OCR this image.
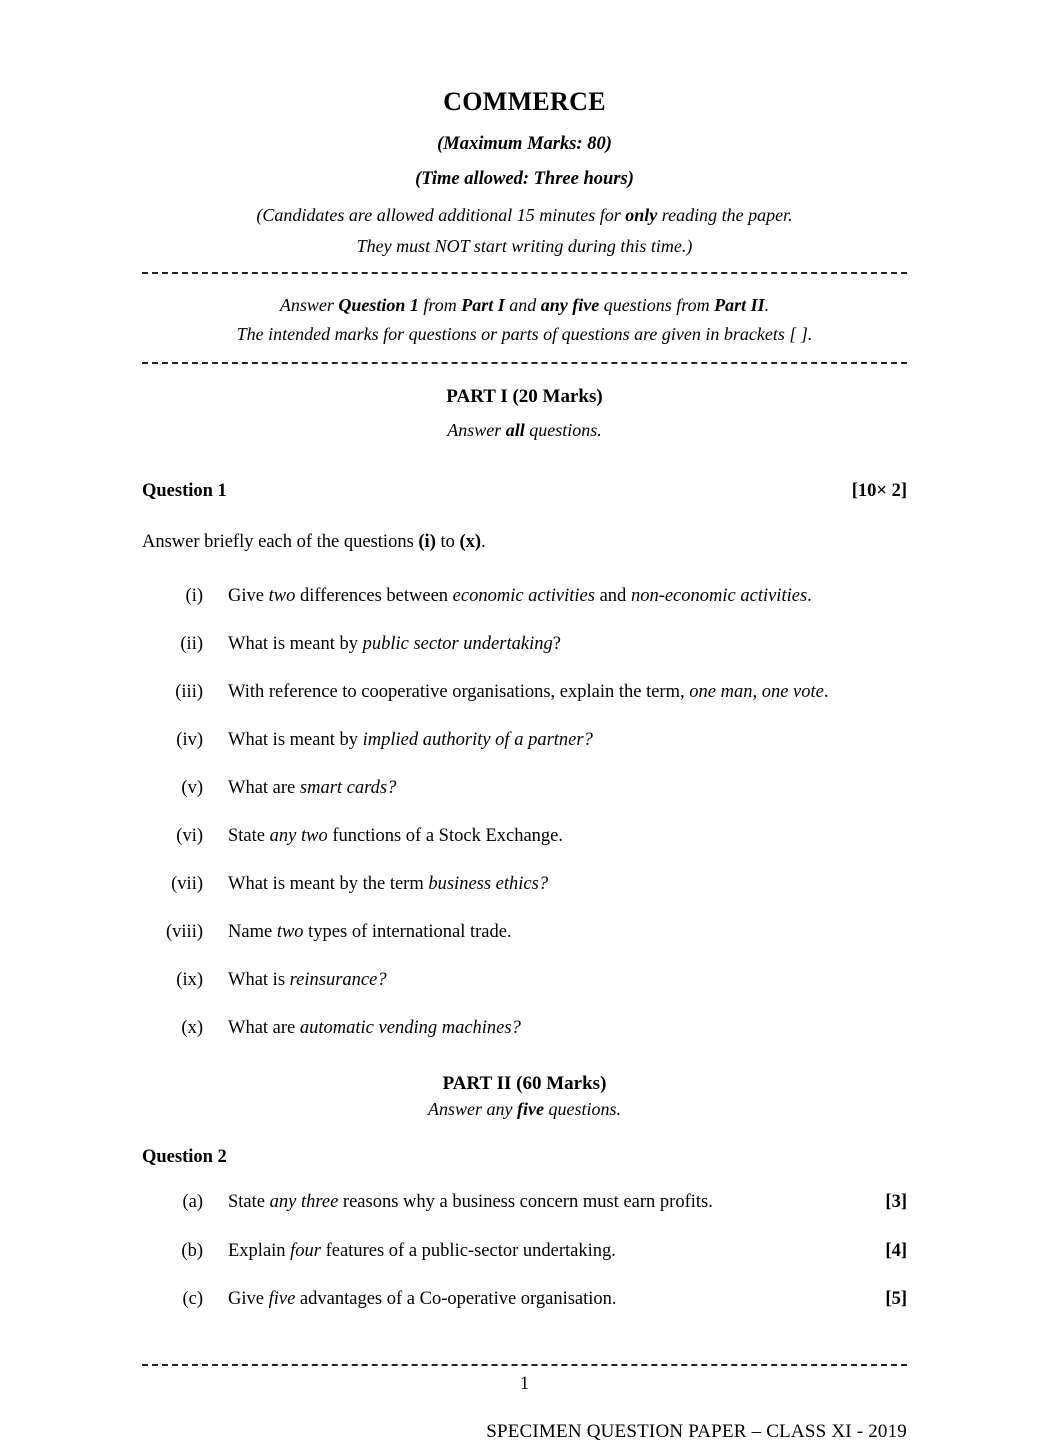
COMMERCE
(Maximum Marks: 80)
(Time allowed: Three hours)
(Candidates are allowed additional 15 minutes for only reading the paper.
They must NOT start writing during this time.)
Answer Question 1 from Part I and any five questions from Part II.
The intended marks for questions or parts of questions are given in brackets [ ].
PART I (20 Marks)
Answer all questions.
Question 1	[10× 2]
Answer briefly each of the questions (i) to (x).
(i)	Give two differences between economic activities and non-economic activities.
(ii)	What is meant by public sector undertaking?
(iii)	With reference to cooperative organisations, explain the term, one man, one vote.
(iv)	What is meant by implied authority of a partner?
(v)	What are smart cards?
(vi)	State any two functions of a Stock Exchange.
(vii)	What is meant by the term business ethics?
(viii)	Name two types of international trade.
(ix)	What is reinsurance?
(x)	What are automatic vending machines?
PART II (60 Marks)
Answer any five questions.
Question 2
(a)	State any three reasons why a business concern must earn profits.	[3]
(b)	Explain four features of a public-sector undertaking.	[4]
(c)	Give five advantages of a Co-operative organisation.	[5]
1
SPECIMEN QUESTION PAPER – CLASS XI - 2019
